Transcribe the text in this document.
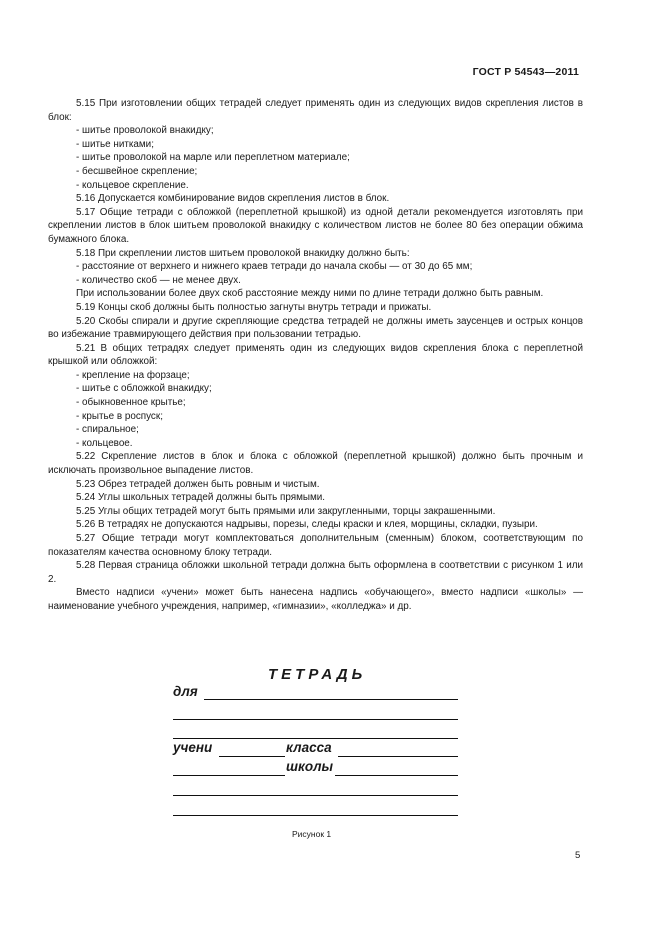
ГОСТ Р 54543—2011
5.15 При изготовлении общих тетрадей следует применять один из следующих видов скрепления листов в блок:
- шитье проволокой внакидку;
- шитье нитками;
- шитье проволокой на марле или переплетном материале;
- бесшвейное скрепление;
- кольцевое скрепление.
5.16 Допускается комбинирование видов скрепления листов в блок.
5.17 Общие тетради с обложкой (переплетной крышкой) из одной детали рекомендуется изготовлять при скреплении листов в блок шитьем проволокой внакидку с количеством листов не более 80 без операции обжима бумажного блока.
5.18 При скреплении листов шитьем проволокой внакидку должно быть:
- расстояние от верхнего и нижнего краев тетради до начала скобы — от 30 до 65 мм;
- количество скоб — не менее двух.
При использовании более двух скоб расстояние между ними по длине тетради должно быть равным.
5.19 Концы скоб должны быть полностью загнуты внутрь тетради и прижаты.
5.20 Скобы спирали и другие скрепляющие средства тетрадей не должны иметь заусенцев и острых концов во избежание травмирующего действия при пользовании тетрадью.
5.21 В общих тетрадях следует применять один из следующих видов скрепления блока с переплетной крышкой или обложкой:
- крепление на форзаце;
- шитье с обложкой внакидку;
- обыкновенное крытье;
- крытье в роспуск;
- спиральное;
- кольцевое.
5.22 Скрепление листов в блок и блока с обложкой (переплетной крышкой) должно быть прочным и исключать произвольное выпадение листов.
5.23 Обрез тетрадей должен быть ровным и чистым.
5.24 Углы школьных тетрадей должны быть прямыми.
5.25 Углы общих тетрадей могут быть прямыми или закругленными, торцы закрашенными.
5.26 В тетрадях не допускаются надрывы, порезы, следы краски и клея, морщины, складки, пузыри.
5.27 Общие тетради могут комплектоваться дополнительным (сменным) блоком, соответствующим по показателям качества основному блоку тетради.
5.28 Первая страница обложки школьной тетради должна быть оформлена в соответствии с рисунком 1 или 2.
Вместо надписи «учени» может быть нанесена надпись «обучающего», вместо надписи «школы» — наименование учебного учреждения, например, «гимназии», «колледжа» и др.
ТЕТРАДЬ
для
учени	класса
школы
Рисунок 1
5
